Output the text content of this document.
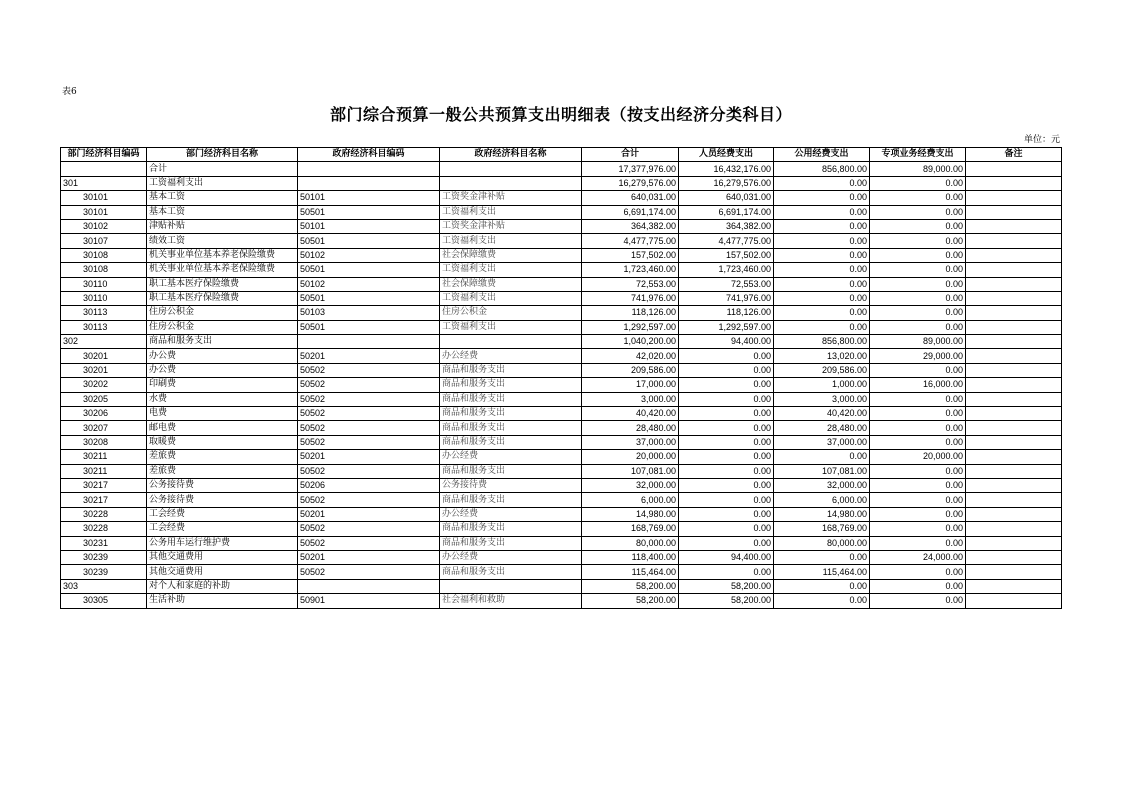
表6
部门综合预算一般公共预算支出明细表（按支出经济分类科目）
单位：元
部门经济科目编码	部门经济科目名称	政府经济科目编码	政府经济科目名称	合计	人员经费支出	公用经费支出	专项业务经费支出	备注
	合计			17,377,976.00	16,432,176.00	856,800.00	89,000.00	
301	工资福利支出			16,279,576.00	16,279,576.00	0.00	0.00	
30101	基本工资	50101	工资奖金津补贴	640,031.00	640,031.00	0.00	0.00	
30101	基本工资	50501	工资福利支出	6,691,174.00	6,691,174.00	0.00	0.00	
30102	津贴补贴	50101	工资奖金津补贴	364,382.00	364,382.00	0.00	0.00	
30107	绩效工资	50501	工资福利支出	4,477,775.00	4,477,775.00	0.00	0.00	
30108	机关事业单位基本养老保险缴费	50102	社会保障缴费	157,502.00	157,502.00	0.00	0.00	
30108	机关事业单位基本养老保险缴费	50501	工资福利支出	1,723,460.00	1,723,460.00	0.00	0.00	
30110	职工基本医疗保险缴费	50102	社会保障缴费	72,553.00	72,553.00	0.00	0.00	
30110	职工基本医疗保险缴费	50501	工资福利支出	741,976.00	741,976.00	0.00	0.00	
30113	住房公积金	50103	住房公积金	118,126.00	118,126.00	0.00	0.00	
30113	住房公积金	50501	工资福利支出	1,292,597.00	1,292,597.00	0.00	0.00	
302	商品和服务支出			1,040,200.00	94,400.00	856,800.00	89,000.00	
30201	办公费	50201	办公经费	42,020.00	0.00	13,020.00	29,000.00	
30201	办公费	50502	商品和服务支出	209,586.00	0.00	209,586.00	0.00	
30202	印刷费	50502	商品和服务支出	17,000.00	0.00	1,000.00	16,000.00	
30205	水费	50502	商品和服务支出	3,000.00	0.00	3,000.00	0.00	
30206	电费	50502	商品和服务支出	40,420.00	0.00	40,420.00	0.00	
30207	邮电费	50502	商品和服务支出	28,480.00	0.00	28,480.00	0.00	
30208	取暖费	50502	商品和服务支出	37,000.00	0.00	37,000.00	0.00	
30211	差旅费	50201	办公经费	20,000.00	0.00	0.00	20,000.00	
30211	差旅费	50502	商品和服务支出	107,081.00	0.00	107,081.00	0.00	
30217	公务接待费	50206	公务接待费	32,000.00	0.00	32,000.00	0.00	
30217	公务接待费	50502	商品和服务支出	6,000.00	0.00	6,000.00	0.00	
30228	工会经费	50201	办公经费	14,980.00	0.00	14,980.00	0.00	
30228	工会经费	50502	商品和服务支出	168,769.00	0.00	168,769.00	0.00	
30231	公务用车运行维护费	50502	商品和服务支出	80,000.00	0.00	80,000.00	0.00	
30239	其他交通费用	50201	办公经费	118,400.00	94,400.00	0.00	24,000.00	
30239	其他交通费用	50502	商品和服务支出	115,464.00	0.00	115,464.00	0.00	
303	对个人和家庭的补助			58,200.00	58,200.00	0.00	0.00	
30305	生活补助	50901	社会福利和救助	58,200.00	58,200.00	0.00	0.00	
